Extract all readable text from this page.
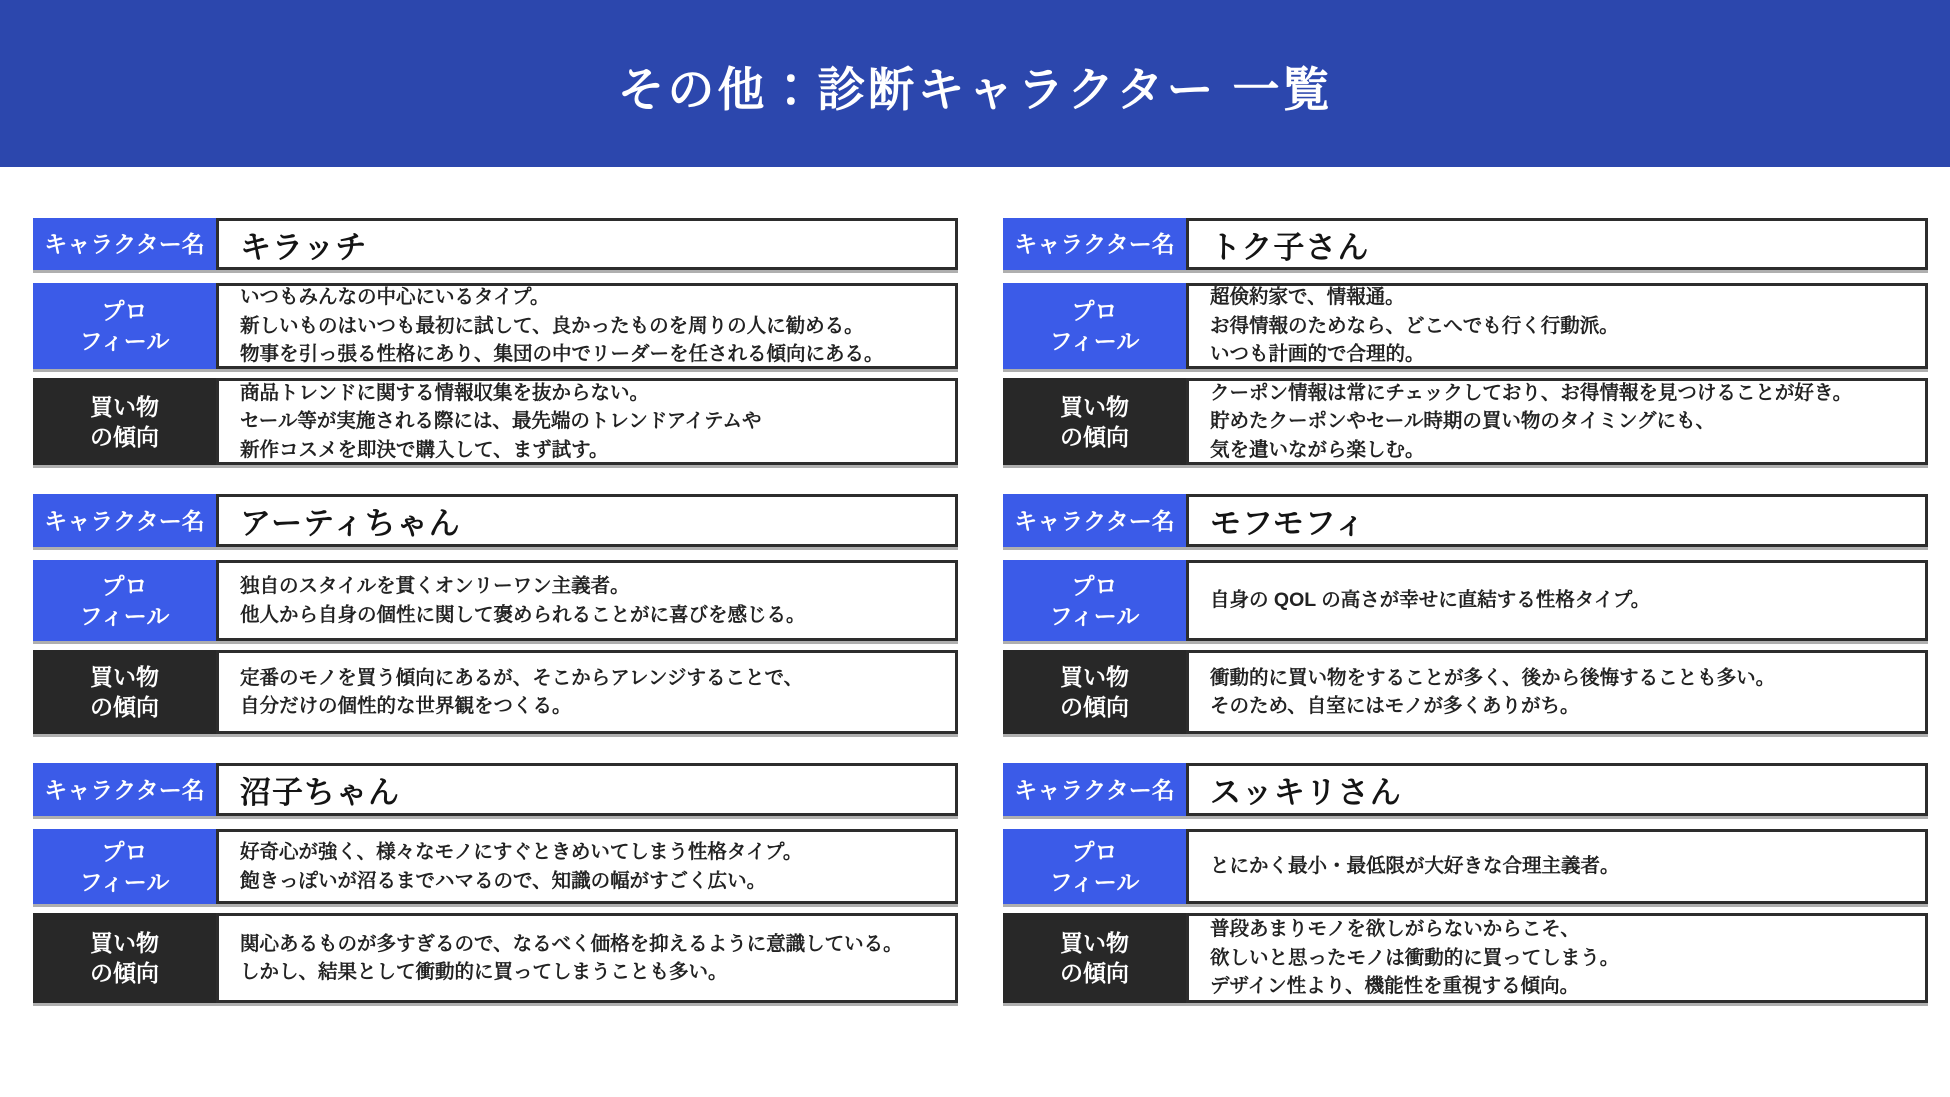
その他：診断キャラクター 一覧
キャラクター名 キラッチ
プロ
フィール
いつもみんなの中心にいるタイプ。
新しいものはいつも最初に試して、良かったものを周りの人に勧める。
物事を引っ張る性格にあり、集団の中でリーダーを任される傾向にある。
買い物
の傾向
商品トレンドに関する情報収集を抜からない。
セール等が実施される際には、最先端のトレンドアイテムや
新作コスメを即決で購入して、まず試す。
キャラクター名 トク子さん
プロ
フィール
超倹約家で、情報通。
お得情報のためなら、どこへでも行く行動派。
いつも計画的で合理的。
買い物
の傾向
クーポン情報は常にチェックしており、お得情報を見つけることが好き。
貯めたクーポンやセール時期の買い物のタイミングにも、
気を遣いながら楽しむ。
キャラクター名 アーティちゃん
プロ
フィール
独自のスタイルを貫くオンリーワン主義者。
他人から自身の個性に関して褒められることがに喜びを感じる。
買い物
の傾向
定番のモノを買う傾向にあるが、そこからアレンジすることで、
自分だけの個性的な世界観をつくる。
キャラクター名 モフモフィ
プロ
フィール
自身の QOL の高さが幸せに直結する性格タイプ。
買い物
の傾向
衝動的に買い物をすることが多く、後から後悔することも多い。
そのため、自室にはモノが多くありがち。
キャラクター名 沼子ちゃん
プロ
フィール
好奇心が強く、様々なモノにすぐときめいてしまう性格タイプ。
飽きっぽいが沼るまでハマるので、知識の幅がすごく広い。
買い物
の傾向
関心あるものが多すぎるので、なるべく価格を抑えるように意識している。
しかし、結果として衝動的に買ってしまうことも多い。
キャラクター名 スッキリさん
プロ
フィール
とにかく最小・最低限が大好きな合理主義者。
買い物
の傾向
普段あまりモノを欲しがらないからこそ、
欲しいと思ったモノは衝動的に買ってしまう。
デザイン性より、機能性を重視する傾向。
